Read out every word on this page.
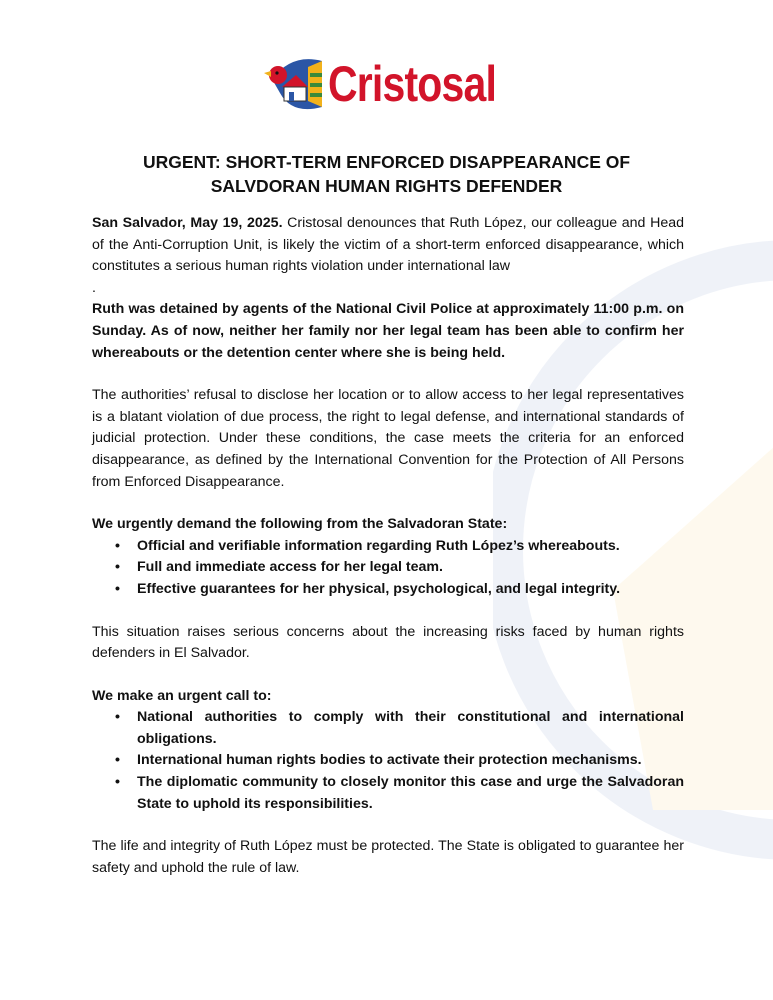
Cristosal
URGENT: SHORT-TERM ENFORCED DISAPPEARANCE OF
SALVDORAN HUMAN RIGHTS DEFENDER
San Salvador, May 19, 2025. Cristosal denounces that Ruth López, our colleague and Head of the Anti-Corruption Unit, is likely the victim of a short-term enforced disappearance, which constitutes a serious human rights violation under international law
.
Ruth was detained by agents of the National Civil Police at approximately 11:00 p.m. on Sunday. As of now, neither her family nor her legal team has been able to confirm her whereabouts or the detention center where she is being held.
The authorities’ refusal to disclose her location or to allow access to her legal representatives is a blatant violation of due process, the right to legal defense, and international standards of judicial protection. Under these conditions, the case meets the criteria for an enforced disappearance, as defined by the International Convention for the Protection of All Persons from Enforced Disappearance.
We urgently demand the following from the Salvadoran State:
• Official and verifiable information regarding Ruth López’s whereabouts.
• Full and immediate access for her legal team.
• Effective guarantees for her physical, psychological, and legal integrity.
This situation raises serious concerns about the increasing risks faced by human rights defenders in El Salvador.
We make an urgent call to:
• National authorities to comply with their constitutional and international obligations.
• International human rights bodies to activate their protection mechanisms.
• The diplomatic community to closely monitor this case and urge the Salvadoran State to uphold its responsibilities.
The life and integrity of Ruth López must be protected. The State is obligated to guarantee her safety and uphold the rule of law.
